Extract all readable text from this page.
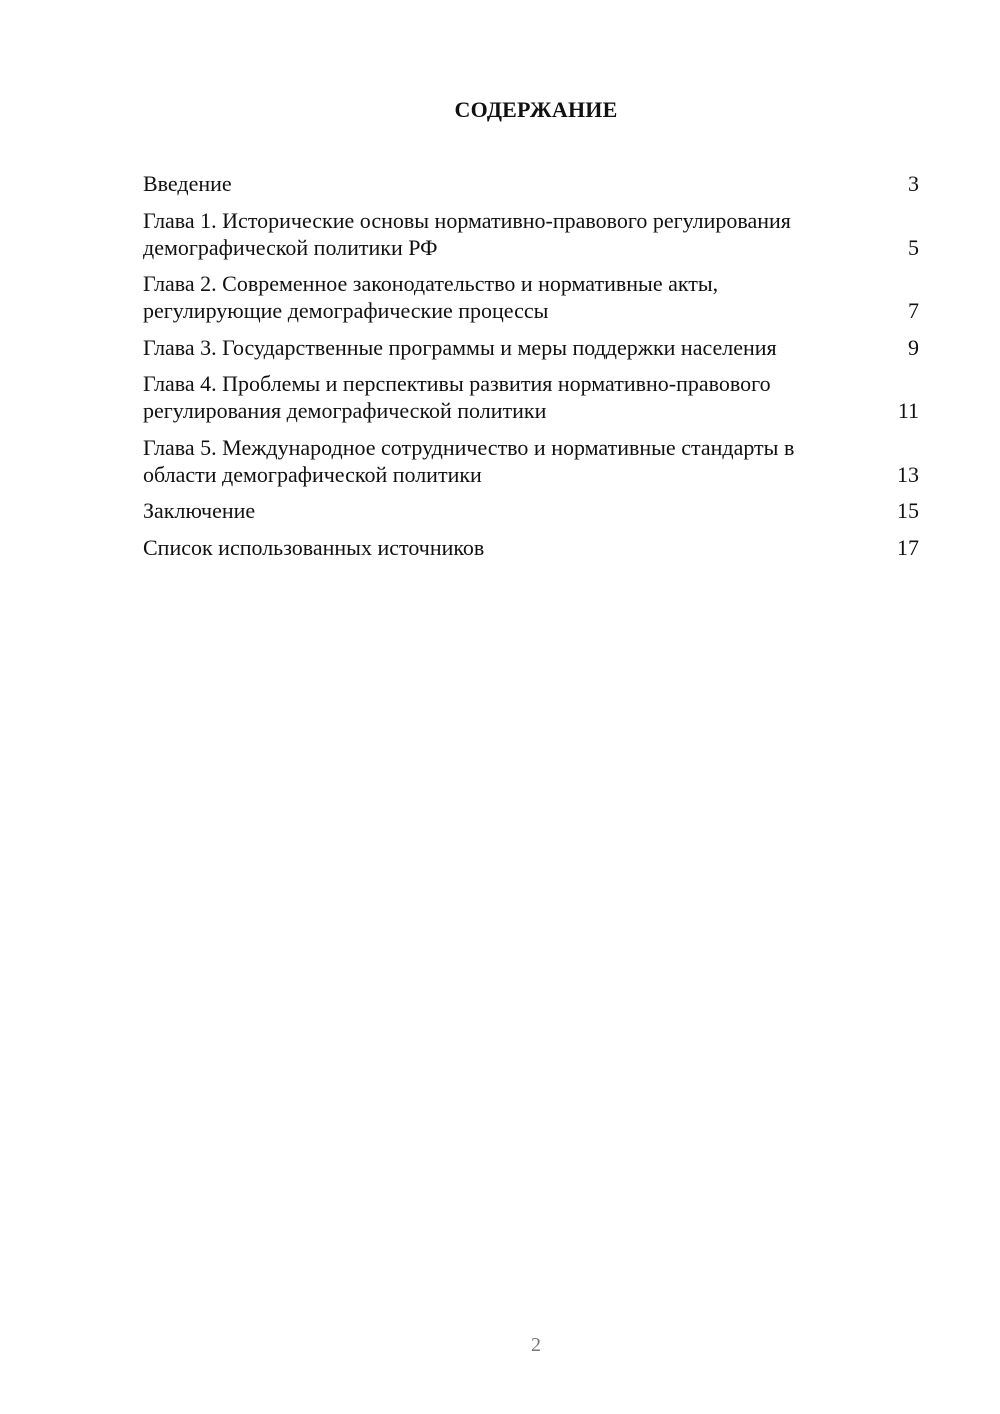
СОДЕРЖАНИЕ
Введение	3
Глава 1. Исторические основы нормативно-правового регулирования демографической политики РФ	5
Глава 2. Современное законодательство и нормативные акты, регулирующие демографические процессы	7
Глава 3. Государственные программы и меры поддержки населения	9
Глава 4. Проблемы и перспективы развития нормативно-правового регулирования демографической политики	11
Глава 5. Международное сотрудничество и нормативные стандарты в области демографической политики	13
Заключение	15
Список использованных источников	17
2
